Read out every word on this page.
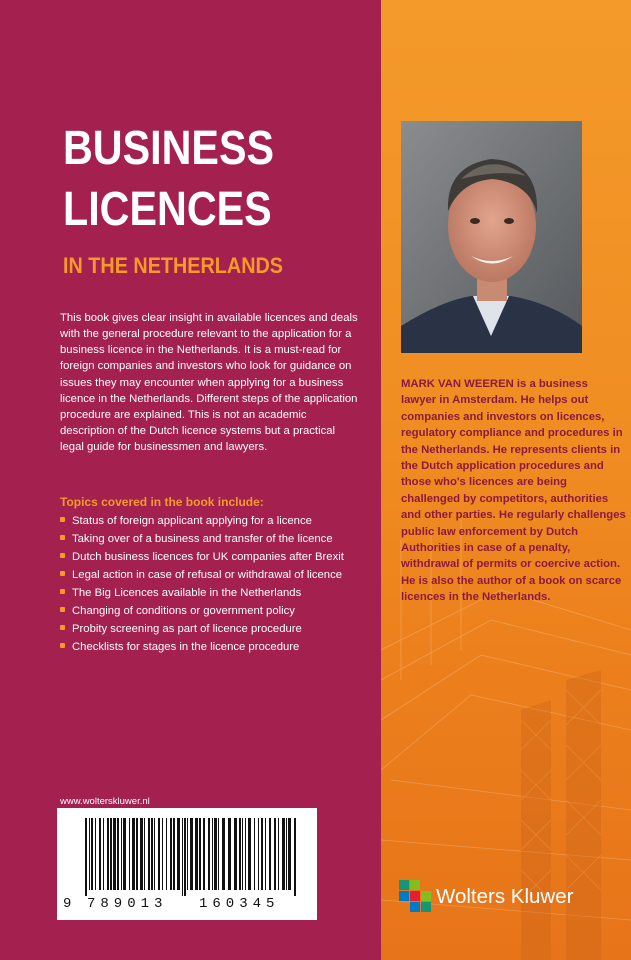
BUSINESS
LICENCES
IN THE NETHERLANDS
This book gives clear insight in available licences and deals with the general procedure relevant to the application for a business licence in the Netherlands. It is a must-read for foreign companies and investors who look for guidance on issues they may encounter when applying for a business licence in the Netherlands. Different steps of the application procedure are explained. This is not an academic description of the Dutch licence systems but a practical legal guide for businessmen and lawyers.
Topics covered in the book include:
Status of foreign applicant applying for a licence
Taking over of a business and transfer of the licence
Dutch business licences for UK companies after Brexit
Legal action in case of refusal or withdrawal of licence
The Big Licences available in the Netherlands
Changing of conditions or government policy
Probity screening as part of licence procedure
Checklists for stages in the licence procedure
www.wolterskluwer.nl
9 789013 160345
MARK VAN WEEREN is a business lawyer in Amsterdam. He helps out companies and investors on licences, regulatory compliance and procedures in the Netherlands. He represents clients in the Dutch application procedures and those who's licences are being challenged by competitors, authorities and other parties. He regularly challenges public law enforcement by Dutch Authorities in case of a penalty, withdrawal of permits or coercive action. He is also the author of a book on scarce licences in the Netherlands.
Wolters Kluwer
